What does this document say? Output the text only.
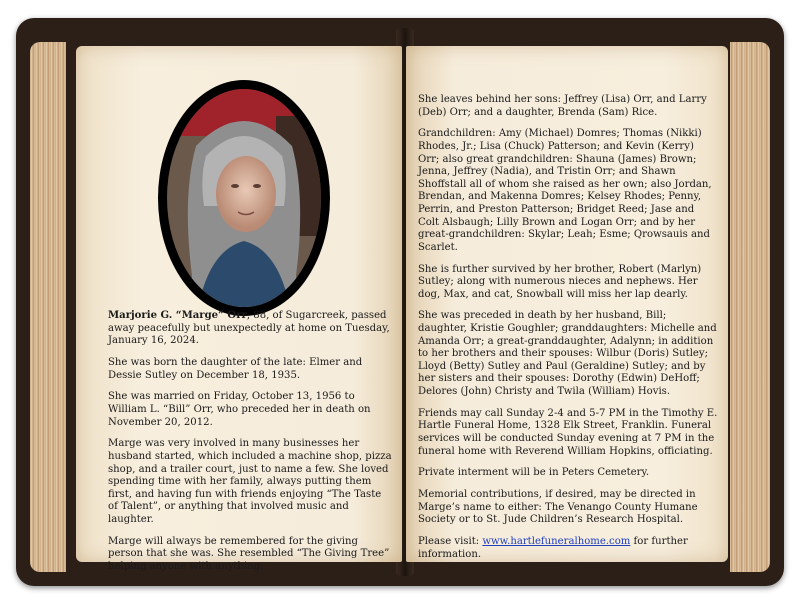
Marjorie G. “Marge” Orr, 88, of Sugarcreek, passed away peacefully but unexpectedly at home on Tuesday, January 16, 2024.

She was born the daughter of the late: Elmer and Dessie Sutley on December 18, 1935.

She was married on Friday, October 13, 1956 to William L. “Bill” Orr, who preceded her in death on November 20, 2012.

Marge was very involved in many businesses her husband started, which included a machine shop, pizza shop, and a trailer court, just to name a few. She loved spending time with her family, always putting them first, and having fun with friends enjoying “The Taste of Talent”, or anything that involved music and laughter.

Marge will always be remembered for the giving person that she was. She resembled “The Giving Tree” helping anyone with anything.

She leaves behind her sons: Jeffrey (Lisa) Orr, and Larry (Deb) Orr; and a daughter, Brenda (Sam) Rice.

Grandchildren: Amy (Michael) Domres; Thomas (Nikki) Rhodes, Jr.; Lisa (Chuck) Patterson; and Kevin (Kerry) Orr; also great grandchildren: Shauna (James) Brown; Jenna, Jeffrey (Nadia), and Tristin Orr; and Shawn Shoffstall all of whom she raised as her own; also Jordan, Brendan, and Makenna Domres; Kelsey Rhodes; Penny, Perrin, and Preston Patterson; Bridget Reed; Jase and Colt Alsbaugh; Lilly Brown and Logan Orr; and by her great-grandchildren: Skylar; Leah; Esme; Qrowsauis and Scarlet.

She is further survived by her brother, Robert (Marlyn) Sutley; along with numerous nieces and nephews. Her dog, Max, and cat, Snowball will miss her lap dearly.

She was preceded in death by her husband, Bill; daughter, Kristie Goughler; granddaughters: Michelle and Amanda Orr; a great-granddaughter, Adalynn; in addition to her brothers and their spouses: Wilbur (Doris) Sutley; Lloyd (Betty) Sutley and Paul (Geraldine) Sutley; and by her sisters and their spouses: Dorothy (Edwin) DeHoff; Delores (John) Christy and Twila (William) Hovis.

Friends may call Sunday 2-4 and 5-7 PM in the Timothy E. Hartle Funeral Home, 1328 Elk Street, Franklin. Funeral services will be conducted Sunday evening at 7 PM in the funeral home with Reverend William Hopkins, officiating.

Private interment will be in Peters Cemetery.

Memorial contributions, if desired, may be directed in Marge’s name to either: The Venango County Humane Society or to St. Jude Children’s Research Hospital.

Please visit: www.hartlefuneralhome.com for further information.
